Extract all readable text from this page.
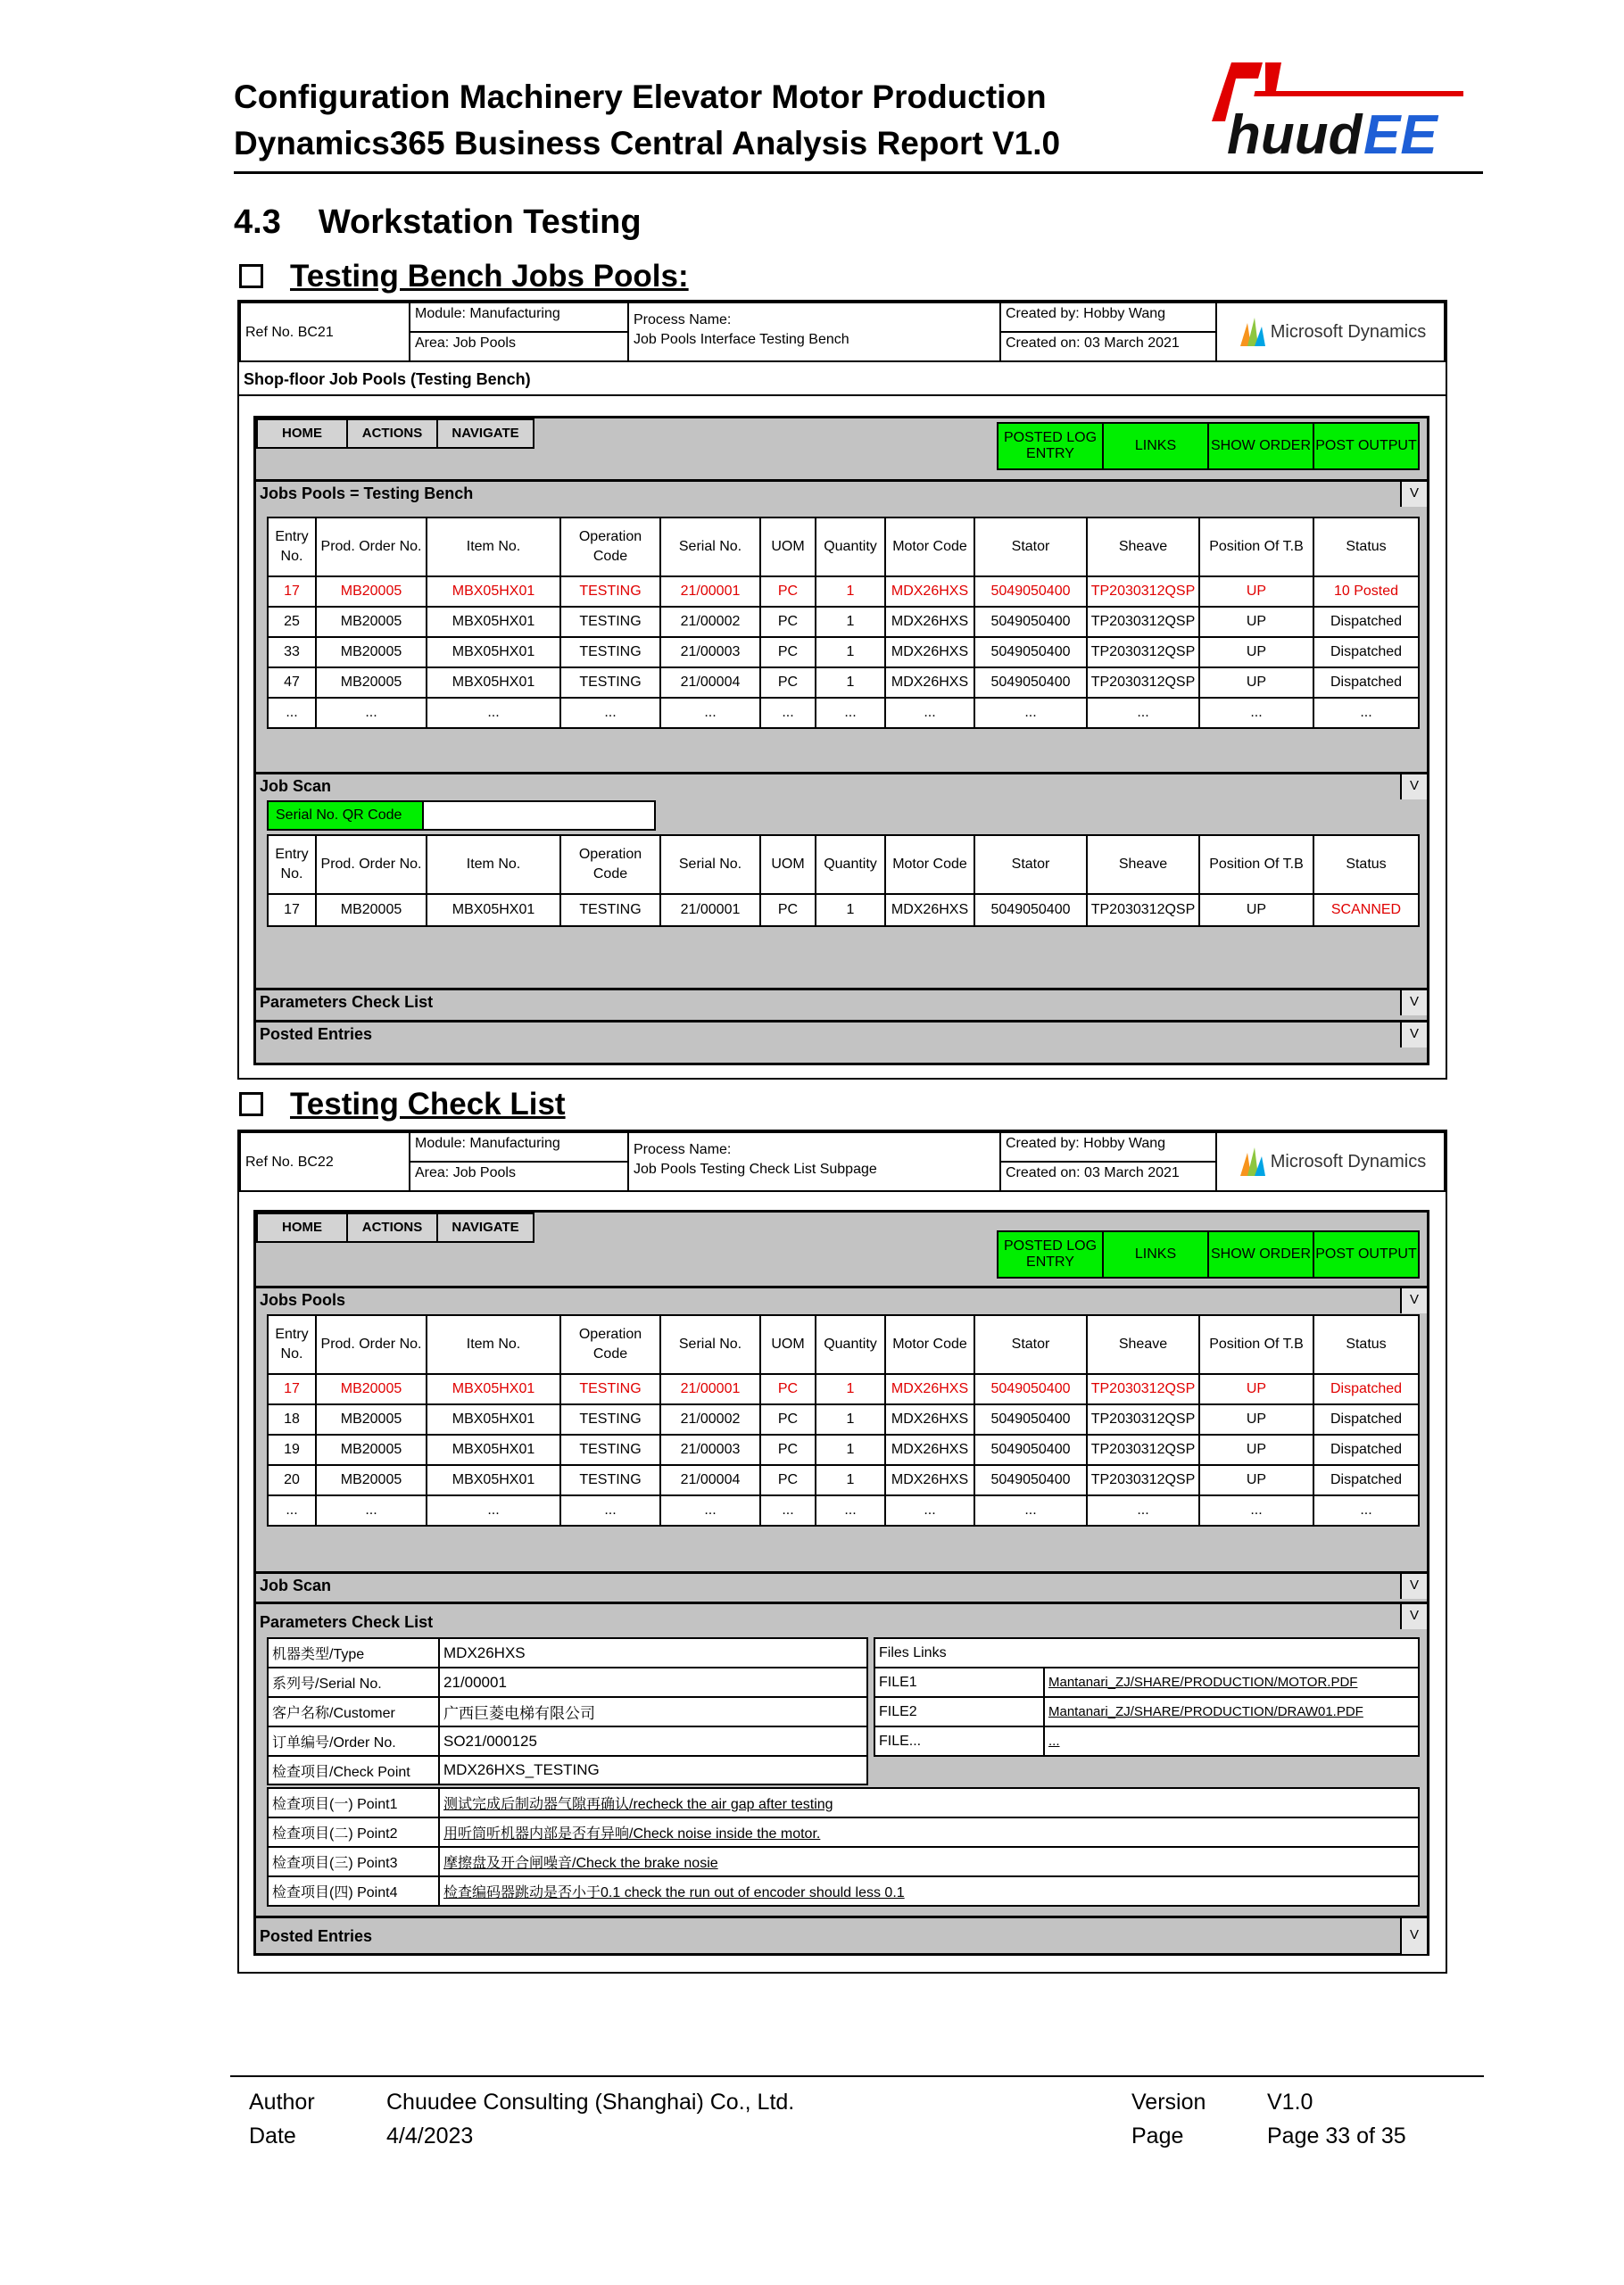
Configuration Machinery Elevator Motor Production
Dynamics365 Business Central Analysis Report V1.0	huud EE
4.3 Workstation Testing
Testing Bench Jobs Pools:
Ref No. BC21
Module: Manufacturing
Area: Job Pools
Process Name:
Job Pools Interface Testing Bench
Created by: Hobby Wang
Created on: 03 March 2021
Microsoft Dynamics
Shop-floor Job Pools (Testing Bench)
HOME	ACTIONS	NAVIGATE	POSTED LOG ENTRY
LINKS	SHOW ORDER POST OUTPUT
Jobs Pools = Testing Bench	V
Entry No.	Prod. Order No.	Item No.	Operation Code	Serial No.	UOM	Quantity	Motor Code	Stator	Sheave	Position Of T.B	Status
17	MB20005	MBX05HX01	TESTING	21/00001	PC	1	MDX26HXS	5049050400	TP2030312QSP	UP	10 Posted
25	MB20005	MBX05HX01	TESTING	21/00002	PC	1	MDX26HXS	5049050400	TP2030312QSP	UP	Dispatched
33	MB20005	MBX05HX01	TESTING	21/00003	PC	1	MDX26HXS	5049050400	TP2030312QSP	UP	Dispatched
47	MB20005	MBX05HX01	TESTING	21/00004	PC	1	MDX26HXS	5049050400	TP2030312QSP	UP	Dispatched
...	...	...	...	...	...	...	...	...	...	...	...
Job Scan	V
Serial No. QR Code
Entry No.	Prod. Order No.	Item No.	Operation Code	Serial No.	UOM	Quantity	Motor Code	Stator	Sheave	Position Of T.B	Status
17	MB20005	MBX05HX01	TESTING	21/00001	PC	1	MDX26HXS	5049050400	TP2030312QSP	UP	SCANNED
Parameters Check List	V
Posted Entries	V
Testing Check List
Ref No. BC22
Module: Manufacturing
Area: Job Pools
Process Name:
Job Pools Testing Check List Subpage
Created by: Hobby Wang
Created on: 03 March 2021
Microsoft Dynamics
HOME	ACTIONS	NAVIGATE
POSTED LOG ENTRY
LINKS	SHOW ORDER POST OUTPUT
Jobs Pools	V
Entry No.	Prod. Order No.	Item No.	Operation Code	Serial No.	UOM	Quantity	Motor Code	Stator	Sheave	Position Of T.B	Status
17	MB20005	MBX05HX01	TESTING	21/00001	PC	1	MDX26HXS	5049050400	TP2030312QSP	UP	Dispatched
18	MB20005	MBX05HX01	TESTING	21/00002	PC	1	MDX26HXS	5049050400	TP2030312QSP	UP	Dispatched
19	MB20005	MBX05HX01	TESTING	21/00003	PC	1	MDX26HXS	5049050400	TP2030312QSP	UP	Dispatched
20	MB20005	MBX05HX01	TESTING	21/00004	PC	1	MDX26HXS	5049050400	TP2030312QSP	UP	Dispatched
...	...	...	...	...	...	...	...	...	...	...	...
Job Scan	V
Parameters Check List	V
机器类型/Type	MDX26HXS
系列号/Serial No.	21/00001
客户名称/Customer	广西巨菱电梯有限公司
订单编号/Order No.	SO21/000125
检查项目/Check Point	MDX26HXS_TESTING
Files Links	
FILE1	Mantanari_ZJ/SHARE/PRODUCTION/MOTOR.PDF
FILE2	Mantanari_ZJ/SHARE/PRODUCTION/DRAW01.PDF
FILE...	...
检查项目(一) Point1	测试完成后制动器气隙再确认/recheck the air gap after testing
检查项目(二) Point2	用听筒听机器内部是否有异响/Check noise inside the motor.
检查项目(三) Point3	摩擦盘及开合闸噪音/Check the brake nosie
检查项目(四) Point4	检查编码器跳动是否小于0.1 check the run out of encoder should less 0.1
Posted Entries	V
Author	Chuudee Consulting (Shanghai) Co., Ltd.	Version	V1.0
Date	4/4/2023	Page	Page 33 of 35
